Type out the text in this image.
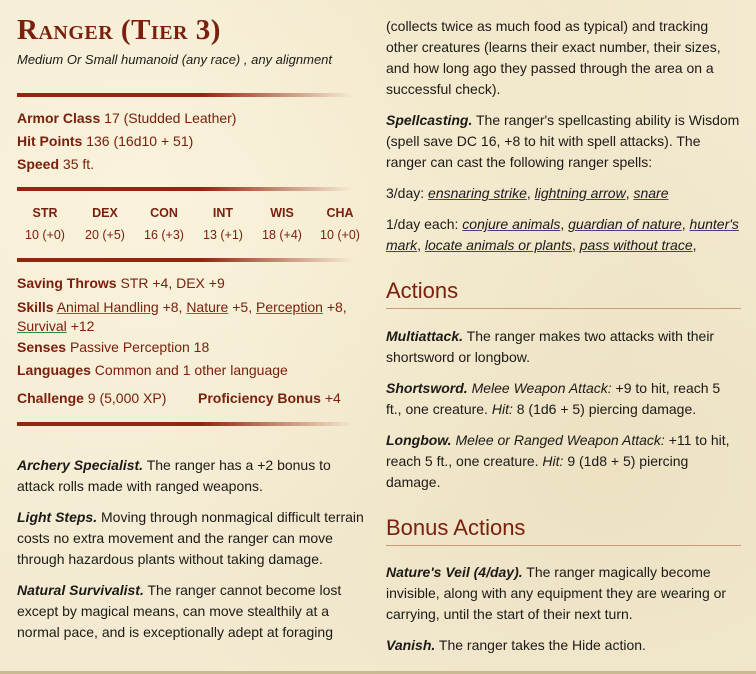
Ranger (Tier 3)
Medium Or Small humanoid (any race) , any alignment
Armor Class 17 (Studded Leather)
Hit Points 136 (16d10 + 51)
Speed 35 ft.
STR
10 (+0)
DEX
20 (+5)
CON
16 (+3)
INT
13 (+1)
WIS
18 (+4)
CHA
10 (+0)
Saving Throws STR +4, DEX +9
Skills Animal Handling +8, Nature +5, Perception +8, Survival +12
Senses Passive Perception 18
Languages Common and 1 other language
Challenge 9 (5,000 XP) Proficiency Bonus +4
Archery Specialist. The ranger has a +2 bonus to attack rolls made with ranged weapons.
Light Steps. Moving through nonmagical difficult terrain costs no extra movement and the ranger can move through hazardous plants without taking damage.
Natural Survivalist. The ranger cannot become lost except by magical means, can move stealthily at a normal pace, and is exceptionally adept at foraging
(collects twice as much food as typical) and tracking other creatures (learns their exact number, their sizes, and how long ago they passed through the area on a successful check).
Spellcasting. The ranger's spellcasting ability is Wisdom (spell save DC 16, +8 to hit with spell attacks). The ranger can cast the following ranger spells:
3/day: ensnaring strike, lightning arrow, snare
1/day each: conjure animals, guardian of nature, hunter's mark, locate animals or plants, pass without trace,
Actions
Multiattack. The ranger makes two attacks with their shortsword or longbow.
Shortsword. Melee Weapon Attack: +9 to hit, reach 5 ft., one creature. Hit: 8 (1d6 + 5) piercing damage.
Longbow. Melee or Ranged Weapon Attack: +11 to hit, reach 5 ft., one creature. Hit: 9 (1d8 + 5) piercing damage.
Bonus Actions
Nature's Veil (4/day). The ranger magically become invisible, along with any equipment they are wearing or carrying, until the start of their next turn.
Vanish. The ranger takes the Hide action.
